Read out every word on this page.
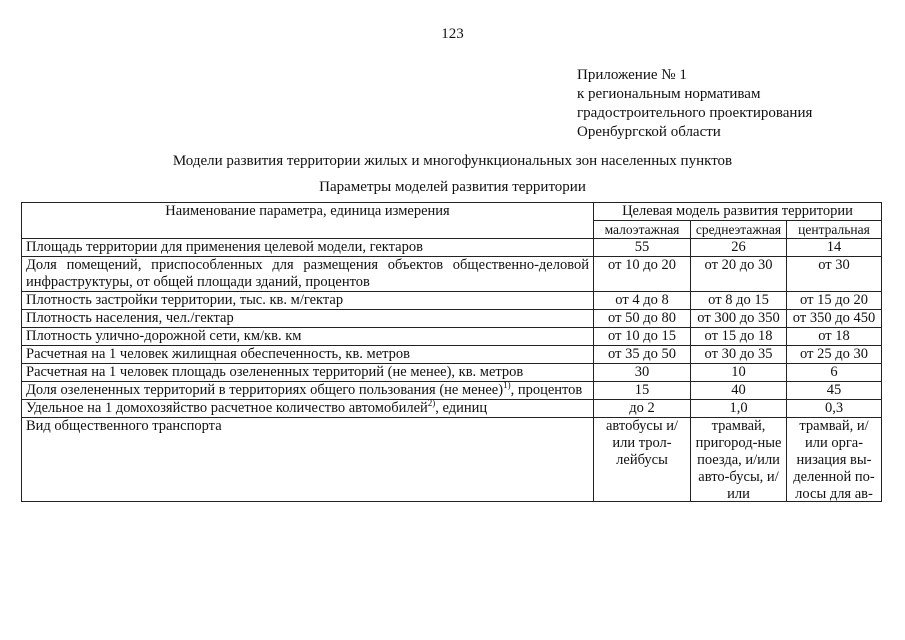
123
Приложение № 1
к региональным нормативам
градостроительного проектирования
Оренбургской области
Модели развития территории жилых и многофункциональных зон населенных пунктов
Параметры моделей развития территории
Наименование параметра, единица измерения	Целевая модель развития территории		
	малоэтажная	среднеэтажная	центральная
Площадь территории для применения целевой модели, гектаров	55	26	14
Доля помещений, приспособленных для размещения объектов общественно-деловой инфраструктуры, от общей площади зданий, процентов	от 10 до 20	от 20 до 30	от 30
Плотность застройки территории, тыс. кв. м/гектар	от 4 до 8	от 8 до 15	от 15 до 20
Плотность населения, чел./гектар	от 50 до 80	от 300 до 350	от 350 до 450
Плотность улично-дорожной сети, км/кв. км	от 10 до 15	от 15 до 18	от 18
Расчетная на 1 человек жилищная обеспеченность, кв. метров	от 35 до 50	от 30 до 35	от 25 до 30
Расчетная на 1 человек площадь озелененных территорий (не менее), кв. метров	30	10	6
Доля озелененных территорий в территориях общего пользования (не менее)$^{1)}$, процентов	15	40	45
Удельное на 1 домохозяйство расчетное количество автомобилей$^{2)}$, единиц	до 2	1,0	0,3
Вид общественного транспорта	автобусы и/или трол-лейбусы	трамвай, пригород-ные поезда, и/или авто-бусы, и/или	трамвай, и/или орга-низация вы-деленной по-лосы для ав-
